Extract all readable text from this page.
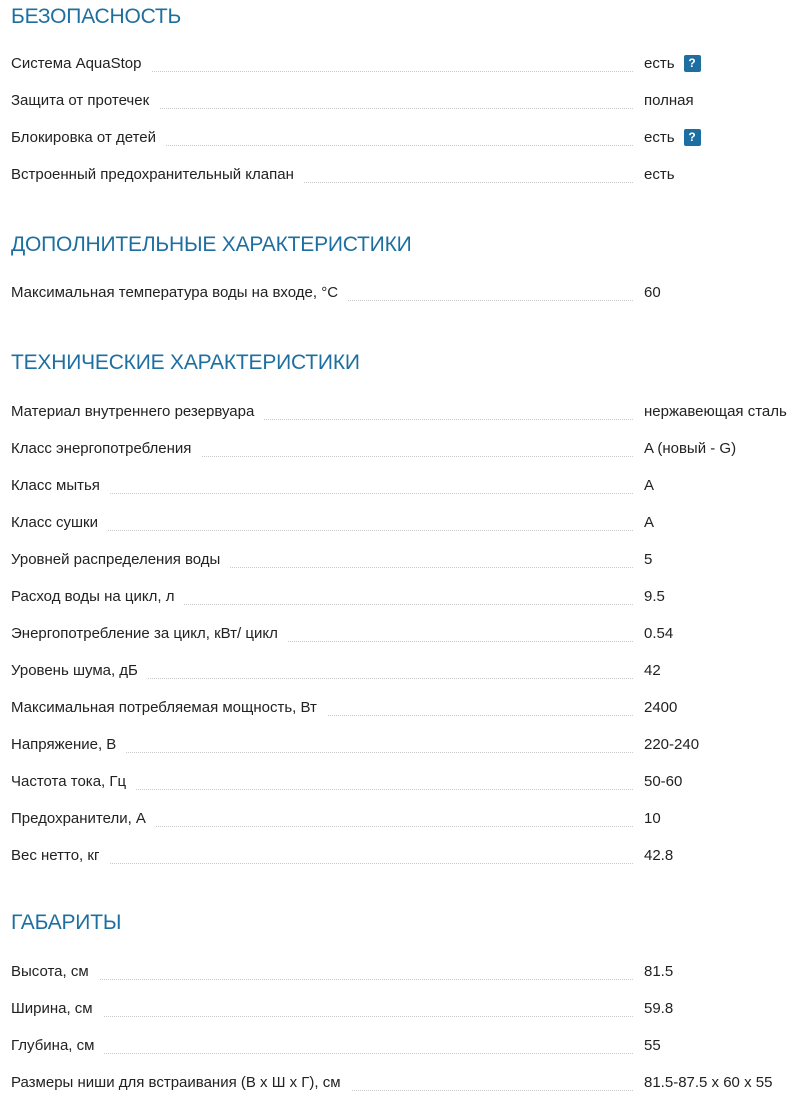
БЕЗОПАСНОСТЬ
Система AquaStop	есть	?
Защита от протечек	полная
Блокировка от детей	есть	?
Встроенный предохранительный клапан	есть
ДОПОЛНИТЕЛЬНЫЕ ХАРАКТЕРИСТИКИ
Максимальная температура воды на входе, °C	60
ТЕХНИЧЕСКИЕ ХАРАКТЕРИСТИКИ
Материал внутреннего резервуара	нержавеющая сталь
Класс энергопотребления	A (новый - G)
Класс мытья	A
Класс сушки	A
Уровней распределения воды	5
Расход воды на цикл, л	9.5
Энергопотребление за цикл, кВт/ цикл	0.54
Уровень шума, дБ	42
Максимальная потребляемая мощность, Вт	2400
Напряжение, В	220-240
Частота тока, Гц	50-60
Предохранители, А	10
Вес нетто, кг	42.8
ГАБАРИТЫ
Высота, см	81.5
Ширина, см	59.8
Глубина, см	55
Размеры ниши для встраивания (В х Ш х Г), см	81.5-87.5 x 60 x 55
